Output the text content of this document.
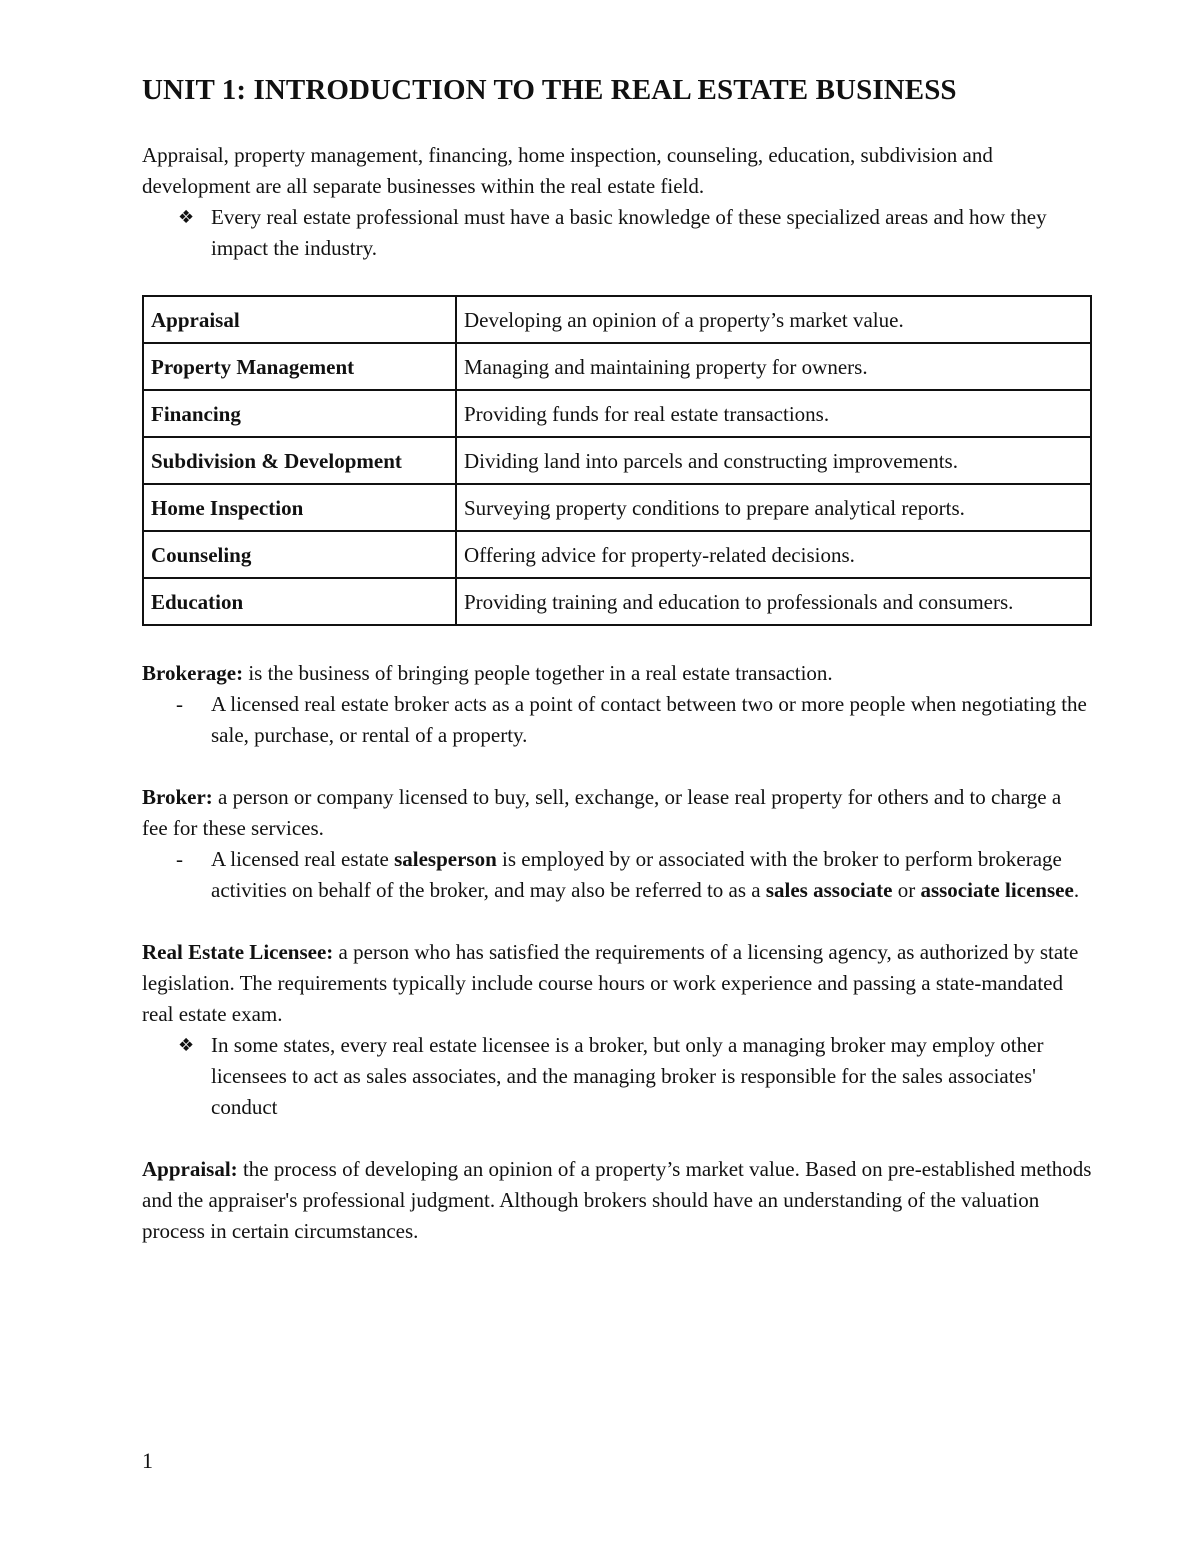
UNIT 1: INTRODUCTION TO THE REAL ESTATE BUSINESS

Appraisal, property management, financing, home inspection, counseling, education, subdivision and development are all separate businesses within the real estate field.

❖ Every real estate professional must have a basic knowledge of these specialized areas and how they impact the industry.
Appraisal	Developing an opinion of a property’s market value.
Property Management	Managing and maintaining property for owners.
Financing	Providing funds for real estate transactions.
Subdivision & Development	Dividing land into parcels and constructing improvements.
Home Inspection	Surveying property conditions to prepare analytical reports.
Counseling	Offering advice for property-related decisions.
Education	Providing training and education to professionals and consumers.

Brokerage: is the business of bringing people together in a real estate transaction.

-	A licensed real estate broker acts as a point of contact between two or more people when negotiating the sale, purchase, or rental of a property.

Broker: a person or company licensed to buy, sell, exchange, or lease real property for others and to charge a fee for these services.

-	A licensed real estate salesperson is employed by or associated with the broker to perform brokerage activities on behalf of the broker, and may also be referred to as a sales associate or associate licensee.

Real Estate Licensee: a person who has satisfied the requirements of a licensing agency, as authorized by state legislation. The requirements typically include course hours or work experience and passing a state-mandated real estate exam.

❖ In some states, every real estate licensee is a broker, but only a managing broker may employ other licensees to act as sales associates, and the managing broker is responsible for the sales associates' conduct

Appraisal: the process of developing an opinion of a property’s market value. Based on pre-established methods and the appraiser's professional judgment. Although brokers should have an understanding of the valuation process in certain circumstances.

1
